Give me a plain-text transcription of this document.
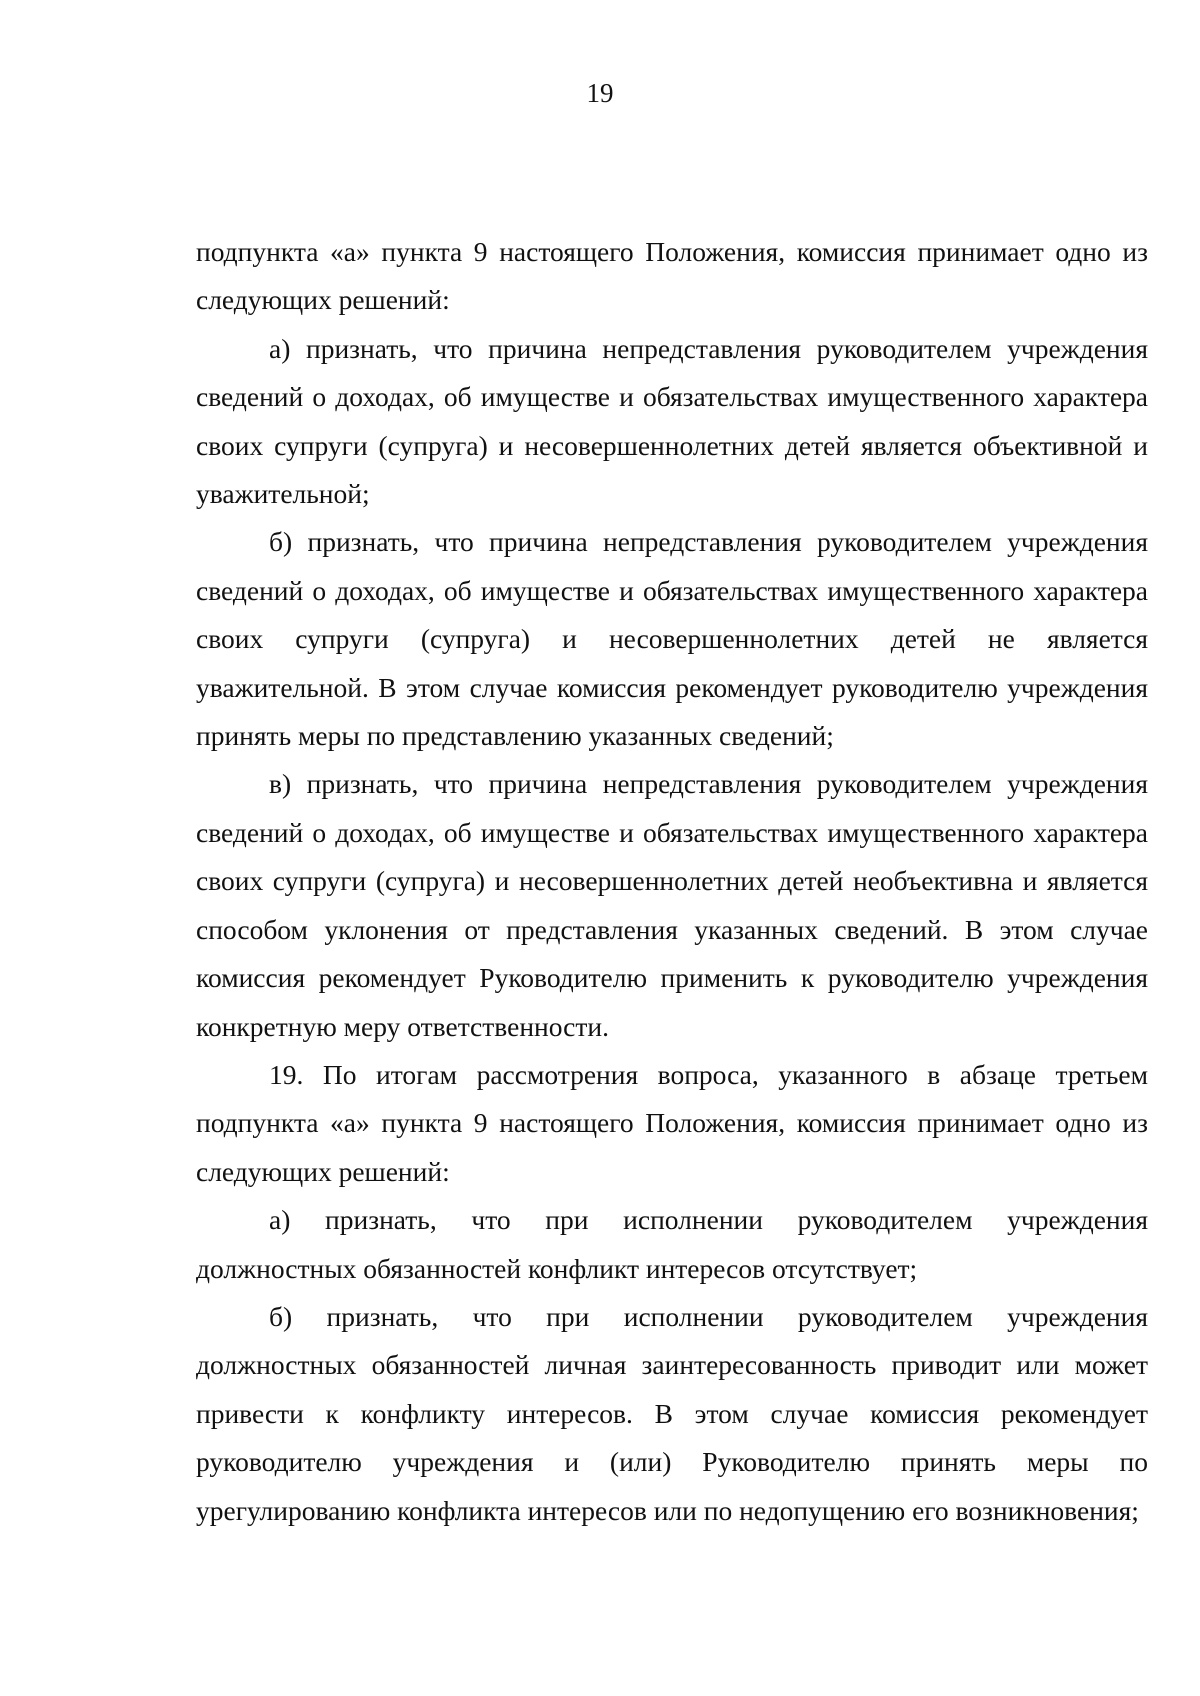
19

подпункта «а» пункта 9 настоящего Положения, комиссия принимает одно из следующих решений:

а) признать, что причина непредставления руководителем учреждения сведений о доходах, об имуществе и обязательствах имущественного характера своих супруги (супруга) и несовершеннолетних детей является объективной и уважительной;

б) признать, что причина непредставления руководителем учреждения сведений о доходах, об имуществе и обязательствах имущественного характера своих супруги (супруга) и несовершеннолетних детей не является уважительной. В этом случае комиссия рекомендует руководителю учреждения принять меры по представлению указанных сведений;

в) признать, что причина непредставления руководителем учреждения сведений о доходах, об имуществе и обязательствах имущественного характера своих супруги (супруга) и несовершеннолетних детей необъективна и является способом уклонения от представления указанных сведений. В этом случае комиссия рекомендует Руководителю применить к руководителю учреждения конкретную меру ответственности.

19. По итогам рассмотрения вопроса, указанного в абзаце третьем подпункта «а» пункта 9 настоящего Положения, комиссия принимает одно из следующих решений:

а) признать, что при исполнении руководителем учреждения должностных обязанностей конфликт интересов отсутствует;

б) признать, что при исполнении руководителем учреждения должностных обязанностей личная заинтересованность приводит или может привести к конфликту интересов. В этом случае комиссия рекомендует руководителю учреждения и (или) Руководителю принять меры по урегулированию конфликта интересов или по недопущению его возникновения;
